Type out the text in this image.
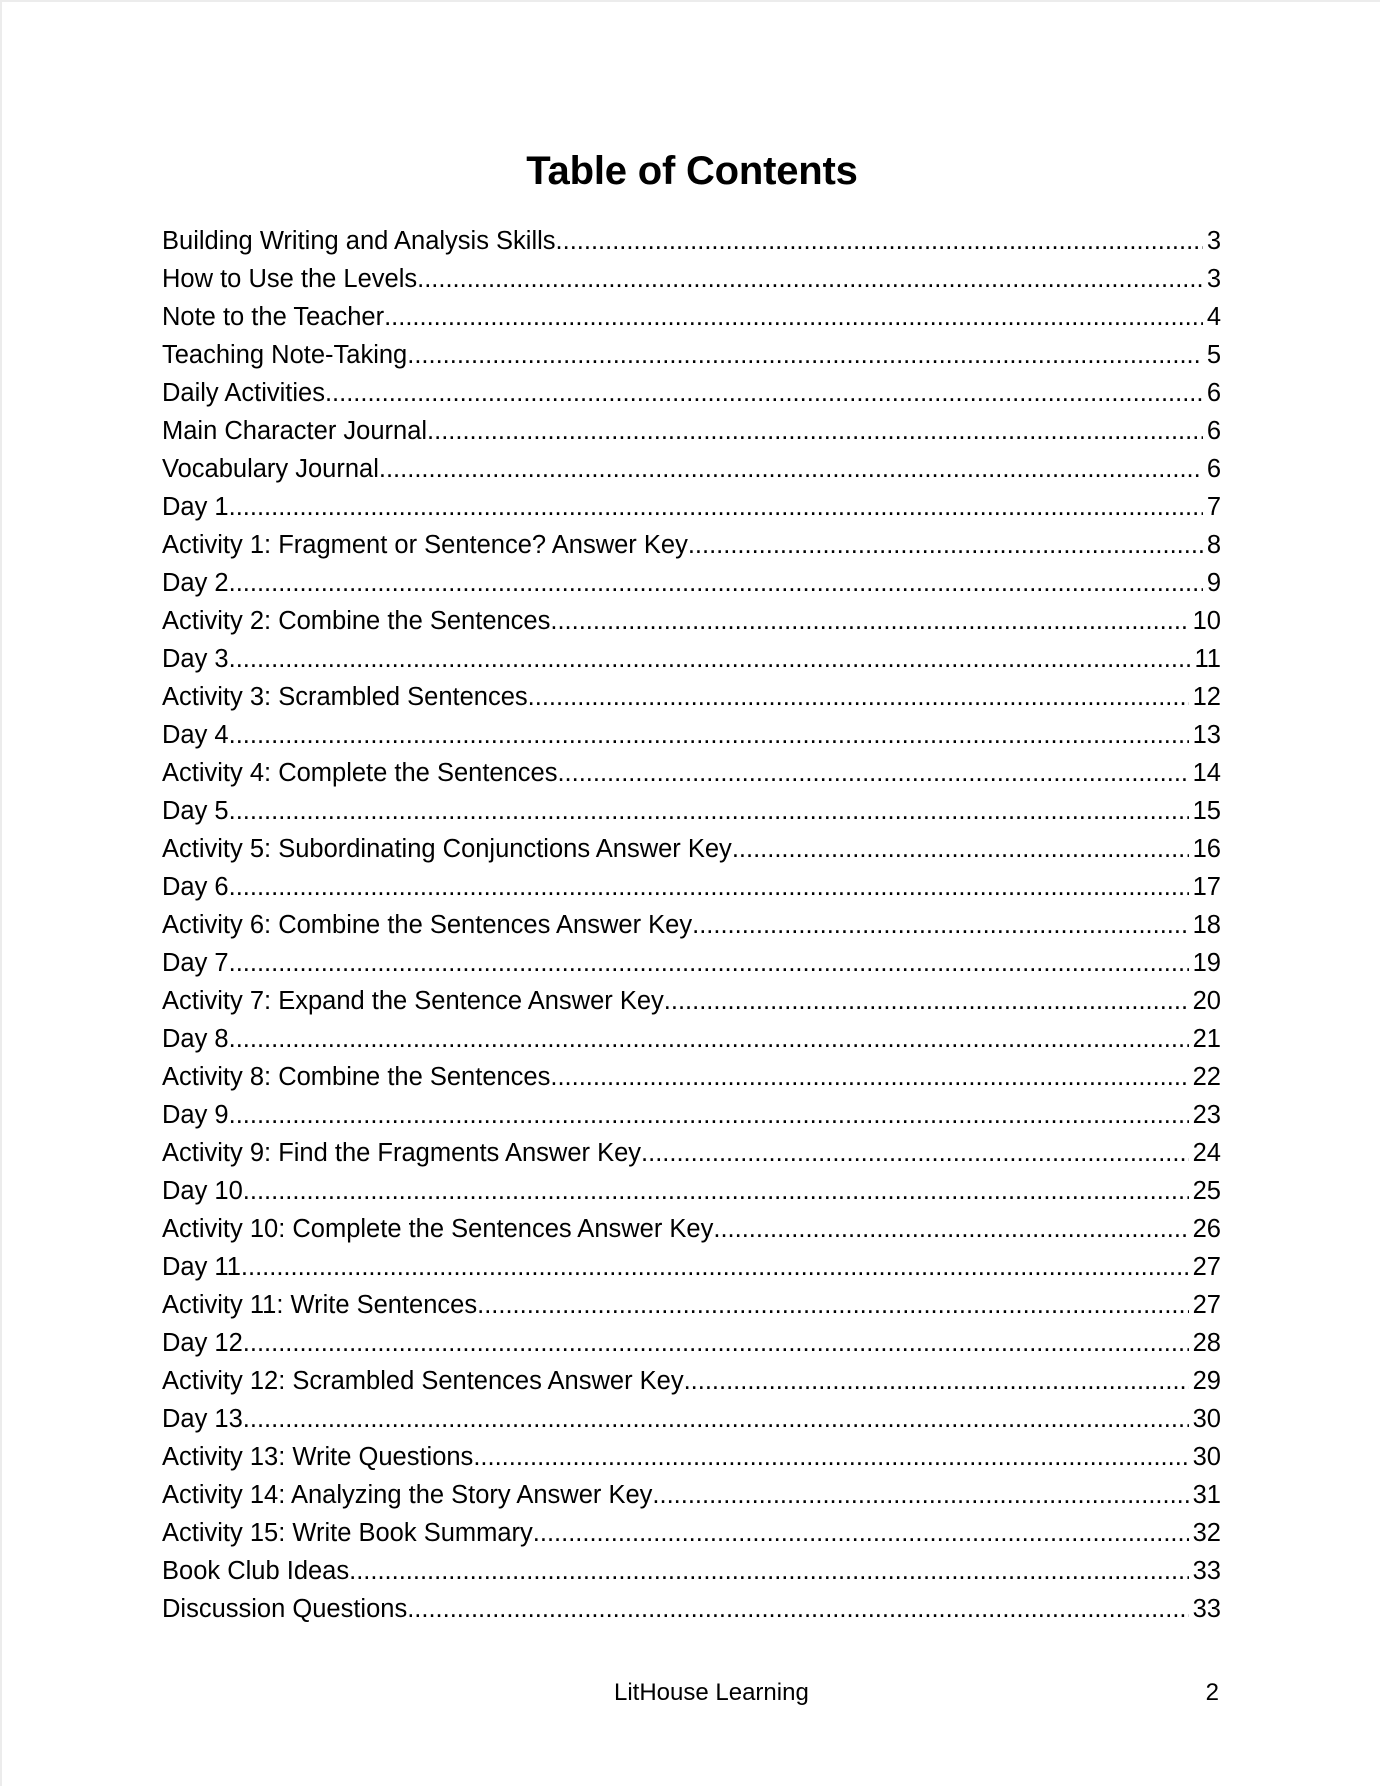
Table of Contents
Building Writing and Analysis Skills .....	3
How to Use the Levels .....	3
Note to the Teacher .....	4
Teaching Note-Taking .....	5
Daily Activities .....	6
Main Character Journal .....	6
Vocabulary Journal .....	6
Day 1 .....	7
Activity 1: Fragment or Sentence? Answer Key .....	8
Day 2 .....	9
Activity 2: Combine the Sentences .....	10
Day 3 .....	11
Activity 3: Scrambled Sentences .....	12
Day 4 .....	13
Activity 4: Complete the Sentences .....	14
Day 5 .....	15
Activity 5: Subordinating Conjunctions Answer Key .....	16
Day 6 .....	17
Activity 6: Combine the Sentences Answer Key .....	18
Day 7 .....	19
Activity 7: Expand the Sentence Answer Key .....	20
Day 8 .....	21
Activity 8: Combine the Sentences .....	22
Day 9 .....	23
Activity 9: Find the Fragments Answer Key .....	24
Day 10 .....	25
Activity 10: Complete the Sentences Answer Key .....	26
Day 11 .....	27
Activity 11: Write Sentences .....	27
Day 12 .....	28
Activity 12: Scrambled Sentences Answer Key .....	29
Day 13 .....	30
Activity 13: Write Questions .....	30
Activity 14: Analyzing the Story Answer Key .....	31
Activity 15: Write Book Summary .....	32
Book Club Ideas .....	33
Discussion Questions .....	33
LitHouse Learning	2
